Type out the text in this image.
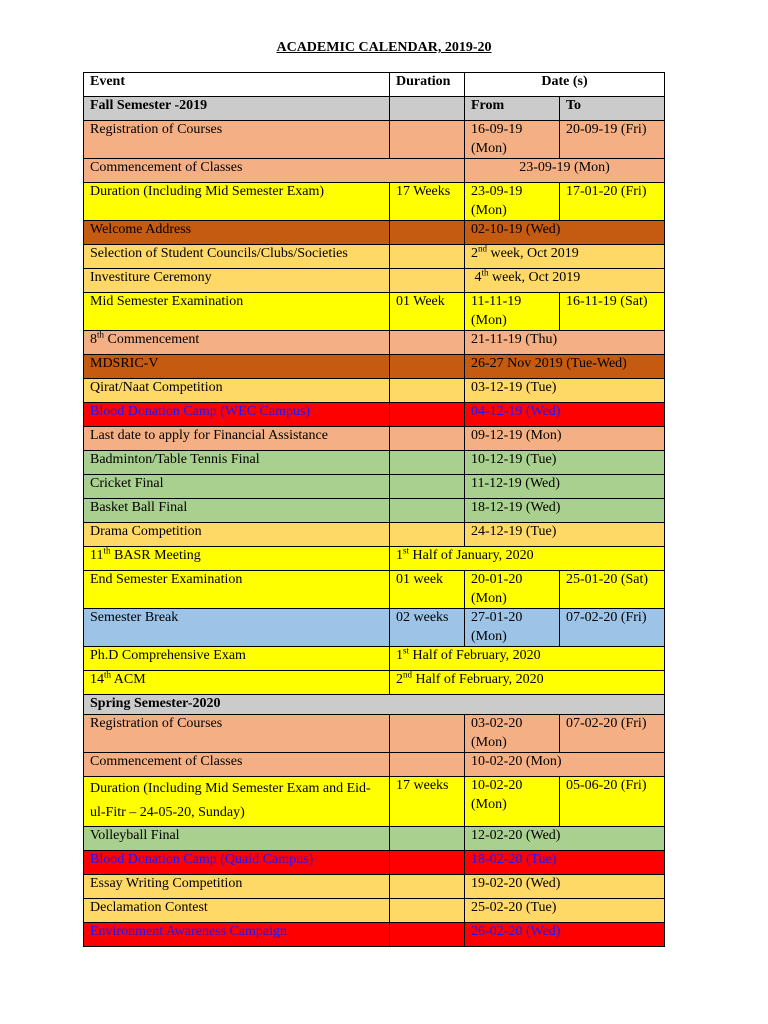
ACADEMIC CALENDAR, 2019-20
Event	Duration	Date (s)	
Fall Semester -2019		From	To
Registration of Courses		16-09-19 (Mon)	20-09-19 (Fri)
Commencement of Classes		23-09-19 (Mon)	
Duration (Including Mid Semester Exam)	17 Weeks	23-09-19 (Mon)	17-01-20 (Fri)
Welcome Address		02-10-19 (Wed)	
Selection of Student Councils/Clubs/Societies		2nd week, Oct 2019	
Investiture Ceremony		4th week, Oct 2019	
Mid Semester Examination	01 Week	11-11-19 (Mon)	16-11-19 (Sat)
8th Commencement		21-11-19 (Thu)	
MDSRIC-V		26-27 Nov 2019 (Tue-Wed)	
Qirat/Naat Competition		03-12-19 (Tue)	
Blood Donation Camp (WEC Campus)		04-12-19 (Wed)	
Last date to apply for Financial Assistance		09-12-19 (Mon)	
Badminton/Table Tennis Final		10-12-19 (Tue)	
Cricket Final		11-12-19 (Wed)	
Basket Ball Final		18-12-19 (Wed)	
Drama Competition		24-12-19 (Tue)	
11th BASR Meeting	1st Half of January, 2020		
End Semester Examination	01 week	20-01-20 (Mon)	25-01-20 (Sat)
Semester Break	02 weeks	27-01-20 (Mon)	07-02-20 (Fri)
Ph.D Comprehensive Exam	1st Half of February, 2020		
14th ACM	2nd Half of February, 2020		
Spring Semester-2020			
Registration of Courses		03-02-20 (Mon)	07-02-20 (Fri)
Commencement of Classes		10-02-20 (Mon)	
Duration (Including Mid Semester Exam and Eid-ul-Fitr – 24-05-20, Sunday)	17 weeks	10-02-20 (Mon)	05-06-20 (Fri)
Volleyball Final		12-02-20 (Wed)	
Blood Donation Camp (Quaid Campus)		18-02-20 (Tue)	
Essay Writing Competition		19-02-20 (Wed)	
Declamation Contest		25-02-20 (Tue)	
Environment Awareness Campaign		26-02-20 (Wed)	
